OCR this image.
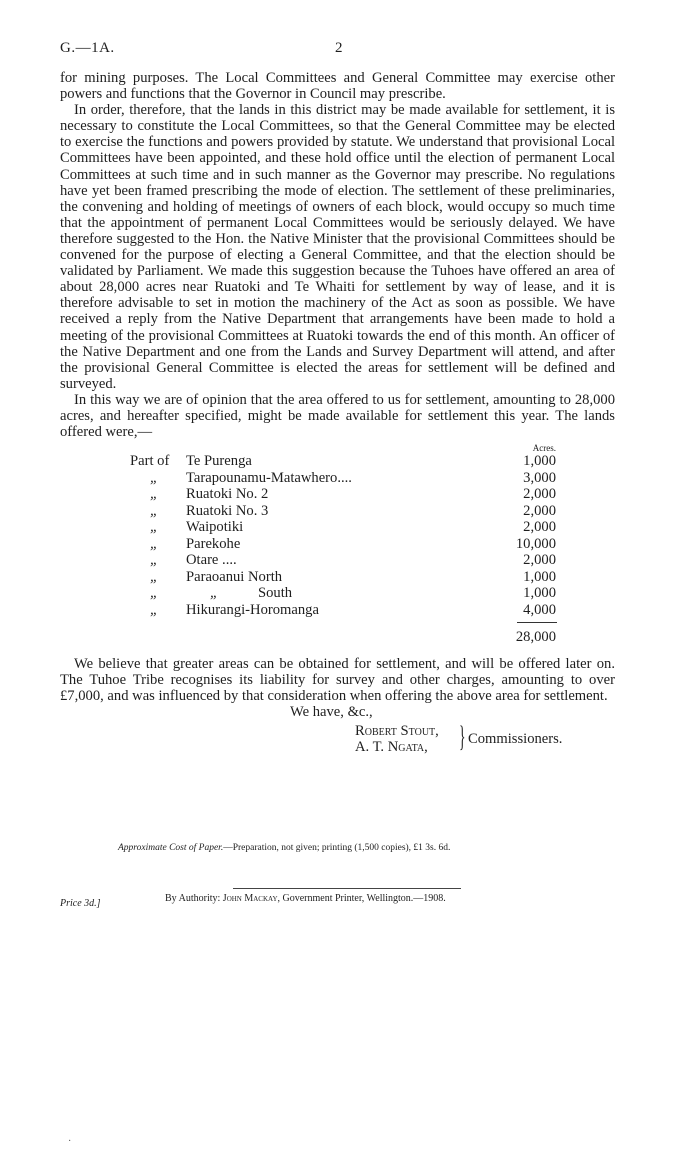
G.—1A.	2

for mining purposes. The Local Committees and General Committee may exercise other powers and functions that the Governor in Council may prescribe.

In order, therefore, that the lands in this district may be made available for settlement, it is necessary to constitute the Local Committees, so that the General Committee may be elected to exercise the functions and powers provided by statute. We understand that provisional Local Committees have been appointed, and these hold office until the election of permanent Local Committees at such time and in such manner as the Governor may prescribe. No regulations have yet been framed prescribing the mode of election. The settlement of these preliminaries, the convening and holding of meetings of owners of each block, would occupy so much time that the appointment of permanent Local Committees would be seriously delayed. We have therefore suggested to the Hon. the Native Minister that the provisional Committees should be convened for the purpose of electing a General Committee, and that the election should be validated by Parliament. We made this suggestion because the Tuhoes have offered an area of about 28,000 acres near Ruatoki and Te Whaiti for settlement by way of lease, and it is therefore advisable to set in motion the machinery of the Act as soon as possible. We have received a reply from the Native Department that arrangements have been made to hold a meeting of the provisional Committees at Ruatoki towards the end of this month. An officer of the Native Department and one from the Lands and Survey Department will attend, and after the provisional General Committee is elected the areas for settlement will be defined and surveyed.

In this way we are of opinion that the area offered to us for settlement, amounting to 28,000 acres, and hereafter specified, might be made available for settlement this year. The lands offered were,—

Acres.
Part of Te Purenga	1,000
„ Tarapounamu-Matawhero....	3,000
„ Ruatoki No. 2	2,000
„ Ruatoki No. 3	2,000
„ Waipotiki	2,000
„ Parekohe	10,000
„ Otare ....	2,000
„ Paraoanui North	1,000
„	„	South	1,000
„ Hikurangi-Horomanga	4,000
28,000

We believe that greater areas can be obtained for settlement, and will be offered later on. The Tuhoe Tribe recognises its liability for survey and other charges, amounting to over £7,000, and was influenced by that consideration when offering the above area for settlement.

We have, &c.,
Robert Stout,
A. T. Ngata, } Commissioners.
Approximate Cost of Paper.—Preparation, not given; printing (1,500 copies), £1 3s. 6d.
Price 3d.]	By Authority: John Mackay, Government Printer, Wellington.—1908.
·
